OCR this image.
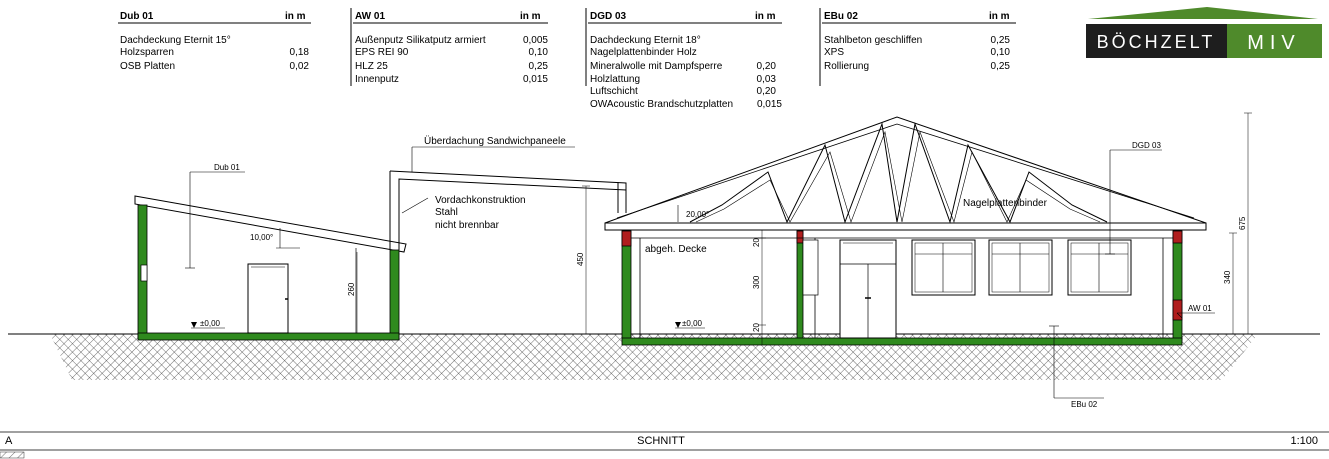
Dub 01	in m
Dachdeckung Eternit 15°
Holzsparren	0,18
OSB Platten	0,02
AW 01	in m
Außenputz Silikatputz armiert	0,005
EPS REI 90	0,10
HLZ 25	0,25
Innenputz	0,015
DGD 03	in m
Dachdeckung Eternit 18°
Nagelplattenbinder Holz
Mineralwolle mit Dampfsperre	0,20
Holzlattung	0,03
Luftschicht	0,20
OWAcoustic Brandschutzplatten 0,015
EBu 02	in m
Stahlbeton geschliffen	0,25
XPS	0,10
Rollierung	0,25
BÖCHZELT MIV
Dub 01
Überdachung Sandwichpaneele
Vordachkonstruktion
Stahl
nicht brennbar
DGD 03
Nagelplattenbinder
abgeh. Decke
AW 01
EBu 02
10,00°
20,00°
±0,00	±0,00
260
450
20
300
20
340
675
A	SCHNITT	1:100
